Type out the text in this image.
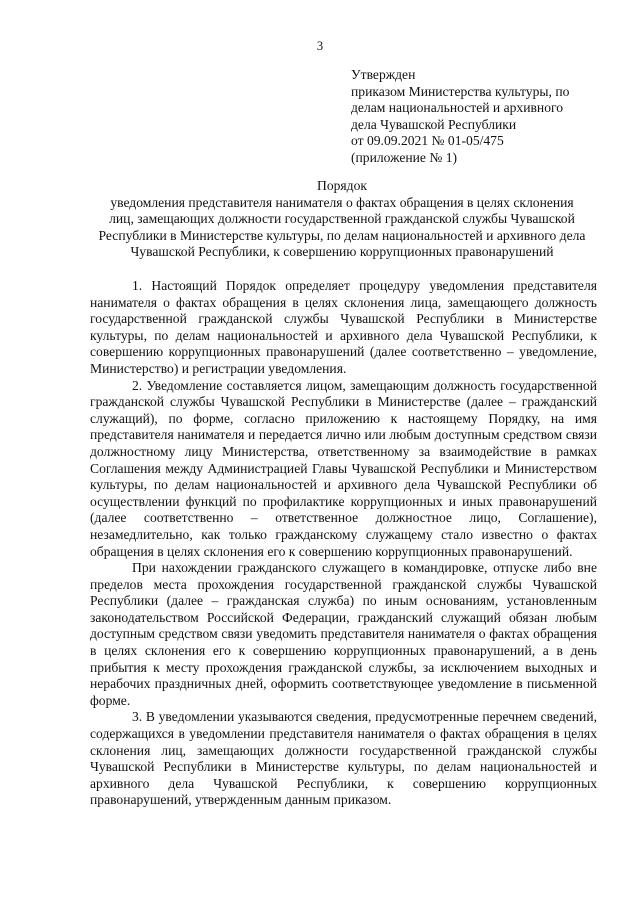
3
Утвержден
приказом Министерства культуры, по
делам национальностей и архивного
дела Чувашской Республики
от 09.09.2021 № 01-05/475
(приложение № 1)
Порядок
уведомления представителя нанимателя о фактах обращения в целях склонения
лиц, замещающих должности государственной гражданской службы Чувашской
Республики в Министерстве культуры, по делам национальностей и архивного дела
Чувашской Республики, к совершению коррупционных правонарушений

1. Настоящий Порядок определяет процедуру уведомления представителя нанимателя о фактах обращения в целях склонения лица, замещающего должность государственной гражданской службы Чувашской Республики в Министерстве культуры, по делам национальностей и архивного дела Чувашской Республики, к совершению коррупционных правонарушений (далее соответственно – уведомление, Министерство) и регистрации уведомления.

2. Уведомление составляется лицом, замещающим должность государственной гражданской службы Чувашской Республики в Министерстве (далее – гражданский служащий), по форме, согласно приложению к настоящему Порядку, на имя представителя нанимателя и передается лично или любым доступным средством связи должностному лицу Министерства, ответственному за взаимодействие в рамках Соглашения между Администрацией Главы Чувашской Республики и Министерством культуры, по делам национальностей и архивного дела Чувашской Республики об осуществлении функций по профилактике коррупционных и иных правонарушений (далее соответственно – ответственное должностное лицо, Соглашение), незамедлительно, как только гражданскому служащему стало известно о фактах обращения в целях склонения его к совершению коррупционных правонарушений.

При нахождении гражданского служащего в командировке, отпуске либо вне пределов места прохождения государственной гражданской службы Чувашской Республики (далее – гражданская служба) по иным основаниям, установленным законодательством Российской Федерации, гражданский служащий обязан любым доступным средством связи уведомить представителя нанимателя о фактах обращения в целях склонения его к совершению коррупционных правонарушений, а в день прибытия к месту прохождения гражданской службы, за исключением выходных и нерабочих праздничных дней, оформить соответствующее уведомление в письменной форме.

3. В уведомлении указываются сведения, предусмотренные перечнем сведений, содержащихся в уведомлении представителя нанимателя о фактах обращения в целях склонения лиц, замещающих должности государственной гражданской службы Чувашской Республики в Министерстве культуры, по делам национальностей и архивного дела Чувашской Республики, к совершению коррупционных правонарушений, утвержденным данным приказом.
